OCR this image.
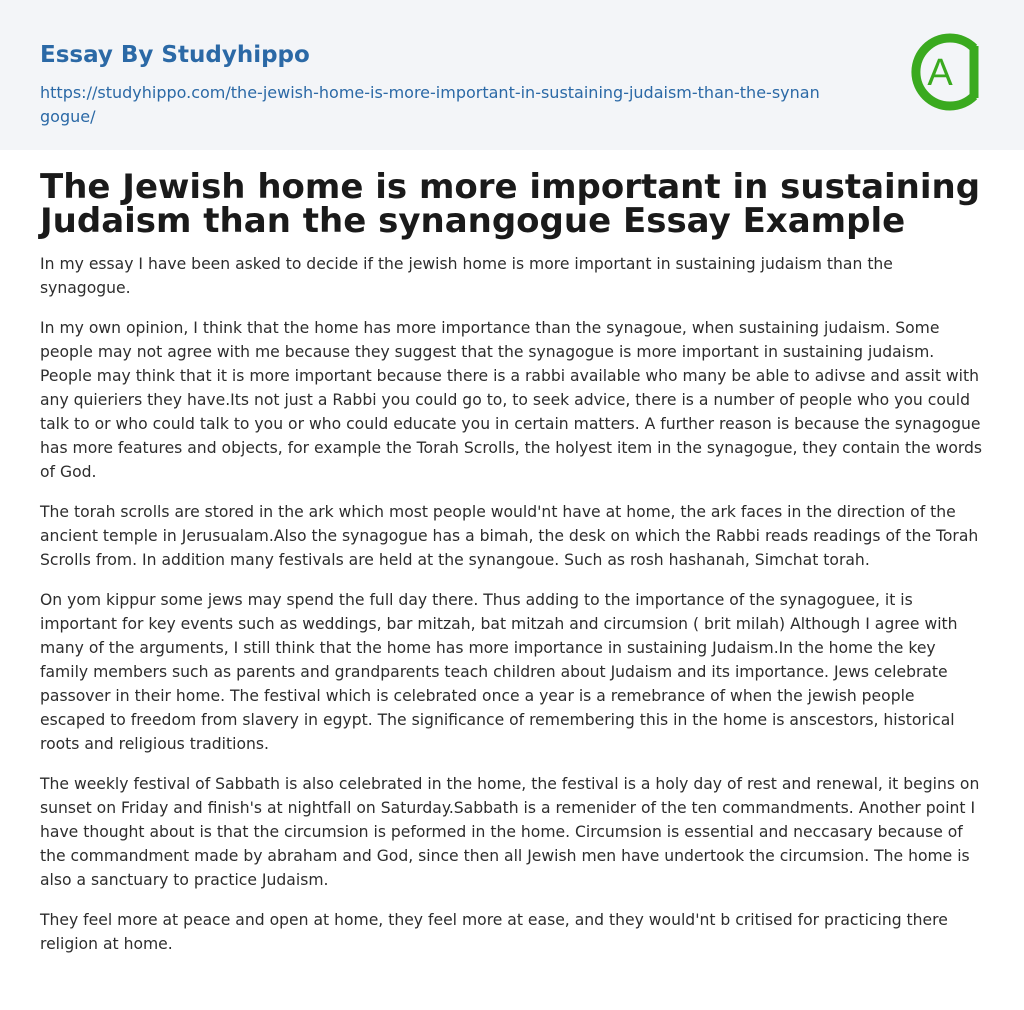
Essay By Studyhippo
https://studyhippo.com/the-jewish-home-is-more-important-in-sustaining-judaism-than-the-synangogue/
A
The Jewish home is more important in sustaining Judaism than the synangogue Essay Example

In my essay I have been asked to decide if the jewish home is more important in sustaining judaism than the synagogue.

In my own opinion, I think that the home has more importance than the synagoue, when sustaining judaism. Some people may not agree with me because they suggest that the synagogue is more important in sustaining judaism. People may think that it is more important because there is a rabbi available who many be able to adivse and assit with any quieriers they have.Its not just a Rabbi you could go to, to seek advice, there is a number of people who you could talk to or who could talk to you or who could educate you in certain matters. A further reason is because the synagogue has more features and objects, for example the Torah Scrolls, the holyest item in the synagogue, they contain the words of God.

The torah scrolls are stored in the ark which most people would'nt have at home, the ark faces in the direction of the ancient temple in Jerusualam.Also the synagogue has a bimah, the desk on which the Rabbi reads readings of the Torah Scrolls from. In addition many festivals are held at the synangoue. Such as rosh hashanah, Simchat torah.

On yom kippur some jews may spend the full day there. Thus adding to the importance of the synagoguee, it is important for key events such as weddings, bar mitzah, bat mitzah and circumsion ( brit milah) Although I agree with many of the arguments, I still think that the home has more importance in sustaining Judaism.In the home the key family members such as parents and grandparents teach children about Judaism and its importance. Jews celebrate passover in their home. The festival which is celebrated once a year is a remebrance of when the jewish people escaped to freedom from slavery in egypt. The significance of remembering this in the home is anscestors, historical roots and religious traditions.

The weekly festival of Sabbath is also celebrated in the home, the festival is a holy day of rest and renewal, it begins on sunset on Friday and finish's at nightfall on Saturday.Sabbath is a remenider of the ten commandments. Another point I have thought about is that the circumsion is peformed in the home. Circumsion is essential and neccasary because of the commandment made by abraham and God, since then all Jewish men have undertook the circumsion. The home is also a sanctuary to practice Judaism.

They feel more at peace and open at home, they feel more at ease, and they would'nt b critised for practicing there religion at home.
